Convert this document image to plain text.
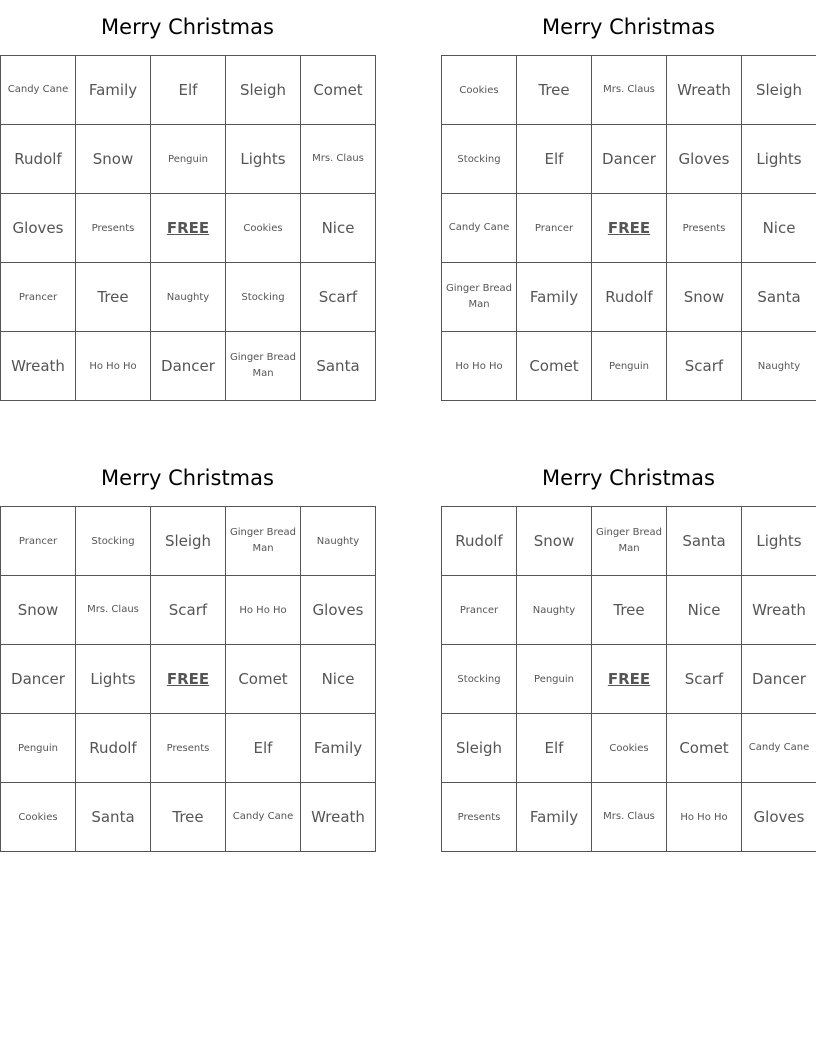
Merry Christmas
Candy Cane	Family	Elf	Sleigh	Comet
Rudolf	Snow	Penguin	Lights	Mrs. Claus
Gloves	Presents	FREE	Cookies	Nice
Prancer	Tree	Naughty	Stocking	Scarf
Wreath	Ho Ho Ho	Dancer	Ginger Bread Man	Santa
Merry Christmas
Cookies	Tree	Mrs. Claus	Wreath	Sleigh
Stocking	Elf	Dancer	Gloves	Lights
Candy Cane	Prancer	FREE	Presents	Nice
Ginger Bread Man	Family	Rudolf	Snow	Santa
Ho Ho Ho	Comet	Penguin	Scarf	Naughty
Merry Christmas
Prancer	Stocking	Sleigh	Ginger Bread Man	Naughty
Snow	Mrs. Claus	Scarf	Ho Ho Ho	Gloves
Dancer	Lights	FREE	Comet	Nice
Penguin	Rudolf	Presents	Elf	Family
Cookies	Santa	Tree	Candy Cane	Wreath
Merry Christmas
Rudolf	Snow	Ginger Bread Man	Santa	Lights
Prancer	Naughty	Tree	Nice	Wreath
Stocking	Penguin	FREE	Scarf	Dancer
Sleigh	Elf	Cookies	Comet	Candy Cane
Presents	Family	Mrs. Claus	Ho Ho Ho	Gloves
